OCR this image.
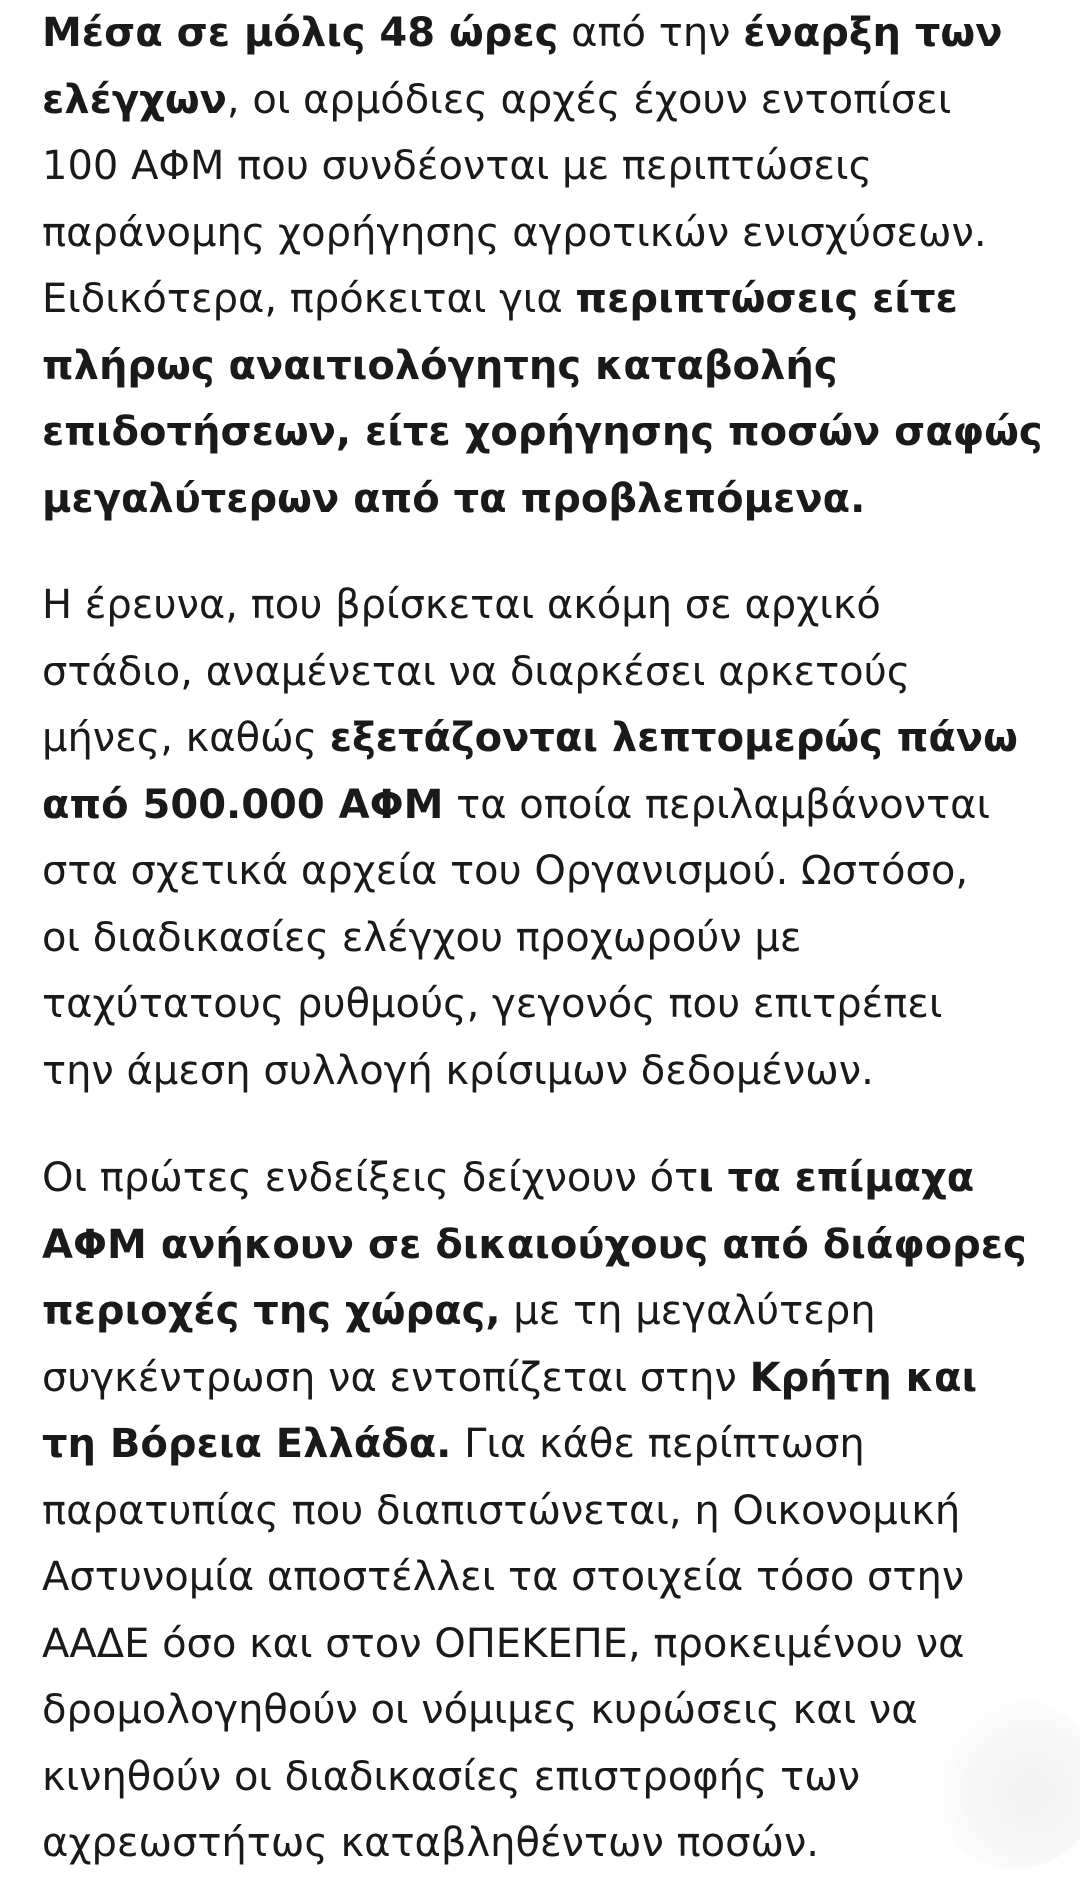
Μέσα σε μόλις 48 ώρες από την έναρξη των
ελέγχων, οι αρμόδιες αρχές έχουν εντοπίσει
100 ΑΦΜ που συνδέονται με περιπτώσεις
παράνομης χορήγησης αγροτικών ενισχύσεων.
Ειδικότερα, πρόκειται για περιπτώσεις είτε
πλήρως αναιτιολόγητης καταβολής
επιδοτήσεων, είτε χορήγησης ποσών σαφώς
μεγαλύτερων από τα προβλεπόμενα.

Η έρευνα, που βρίσκεται ακόμη σε αρχικό
στάδιο, αναμένεται να διαρκέσει αρκετούς
μήνες, καθώς εξετάζονται λεπτομερώς πάνω
από 500.000 ΑΦΜ τα οποία περιλαμβάνονται
στα σχετικά αρχεία του Οργανισμού. Ωστόσο,
οι διαδικασίες ελέγχου προχωρούν με
ταχύτατους ρυθμούς, γεγονός που επιτρέπει
την άμεση συλλογή κρίσιμων δεδομένων.

Οι πρώτες ενδείξεις δείχνουν ότι τα επίμαχα
ΑΦΜ ανήκουν σε δικαιούχους από διάφορες
περιοχές της χώρας, με τη μεγαλύτερη
συγκέντρωση να εντοπίζεται στην Κρήτη και
τη Βόρεια Ελλάδα. Για κάθε περίπτωση
παρατυπίας που διαπιστώνεται, η Οικονομική
Αστυνομία αποστέλλει τα στοιχεία τόσο στην
ΑΑΔΕ όσο και στον ΟΠΕΚΕΠΕ, προκειμένου να
δρομολογηθούν οι νόμιμες κυρώσεις και να
κινηθούν οι διαδικασίες επιστροφής των
αχρεωστήτως καταβληθέντων ποσών.
